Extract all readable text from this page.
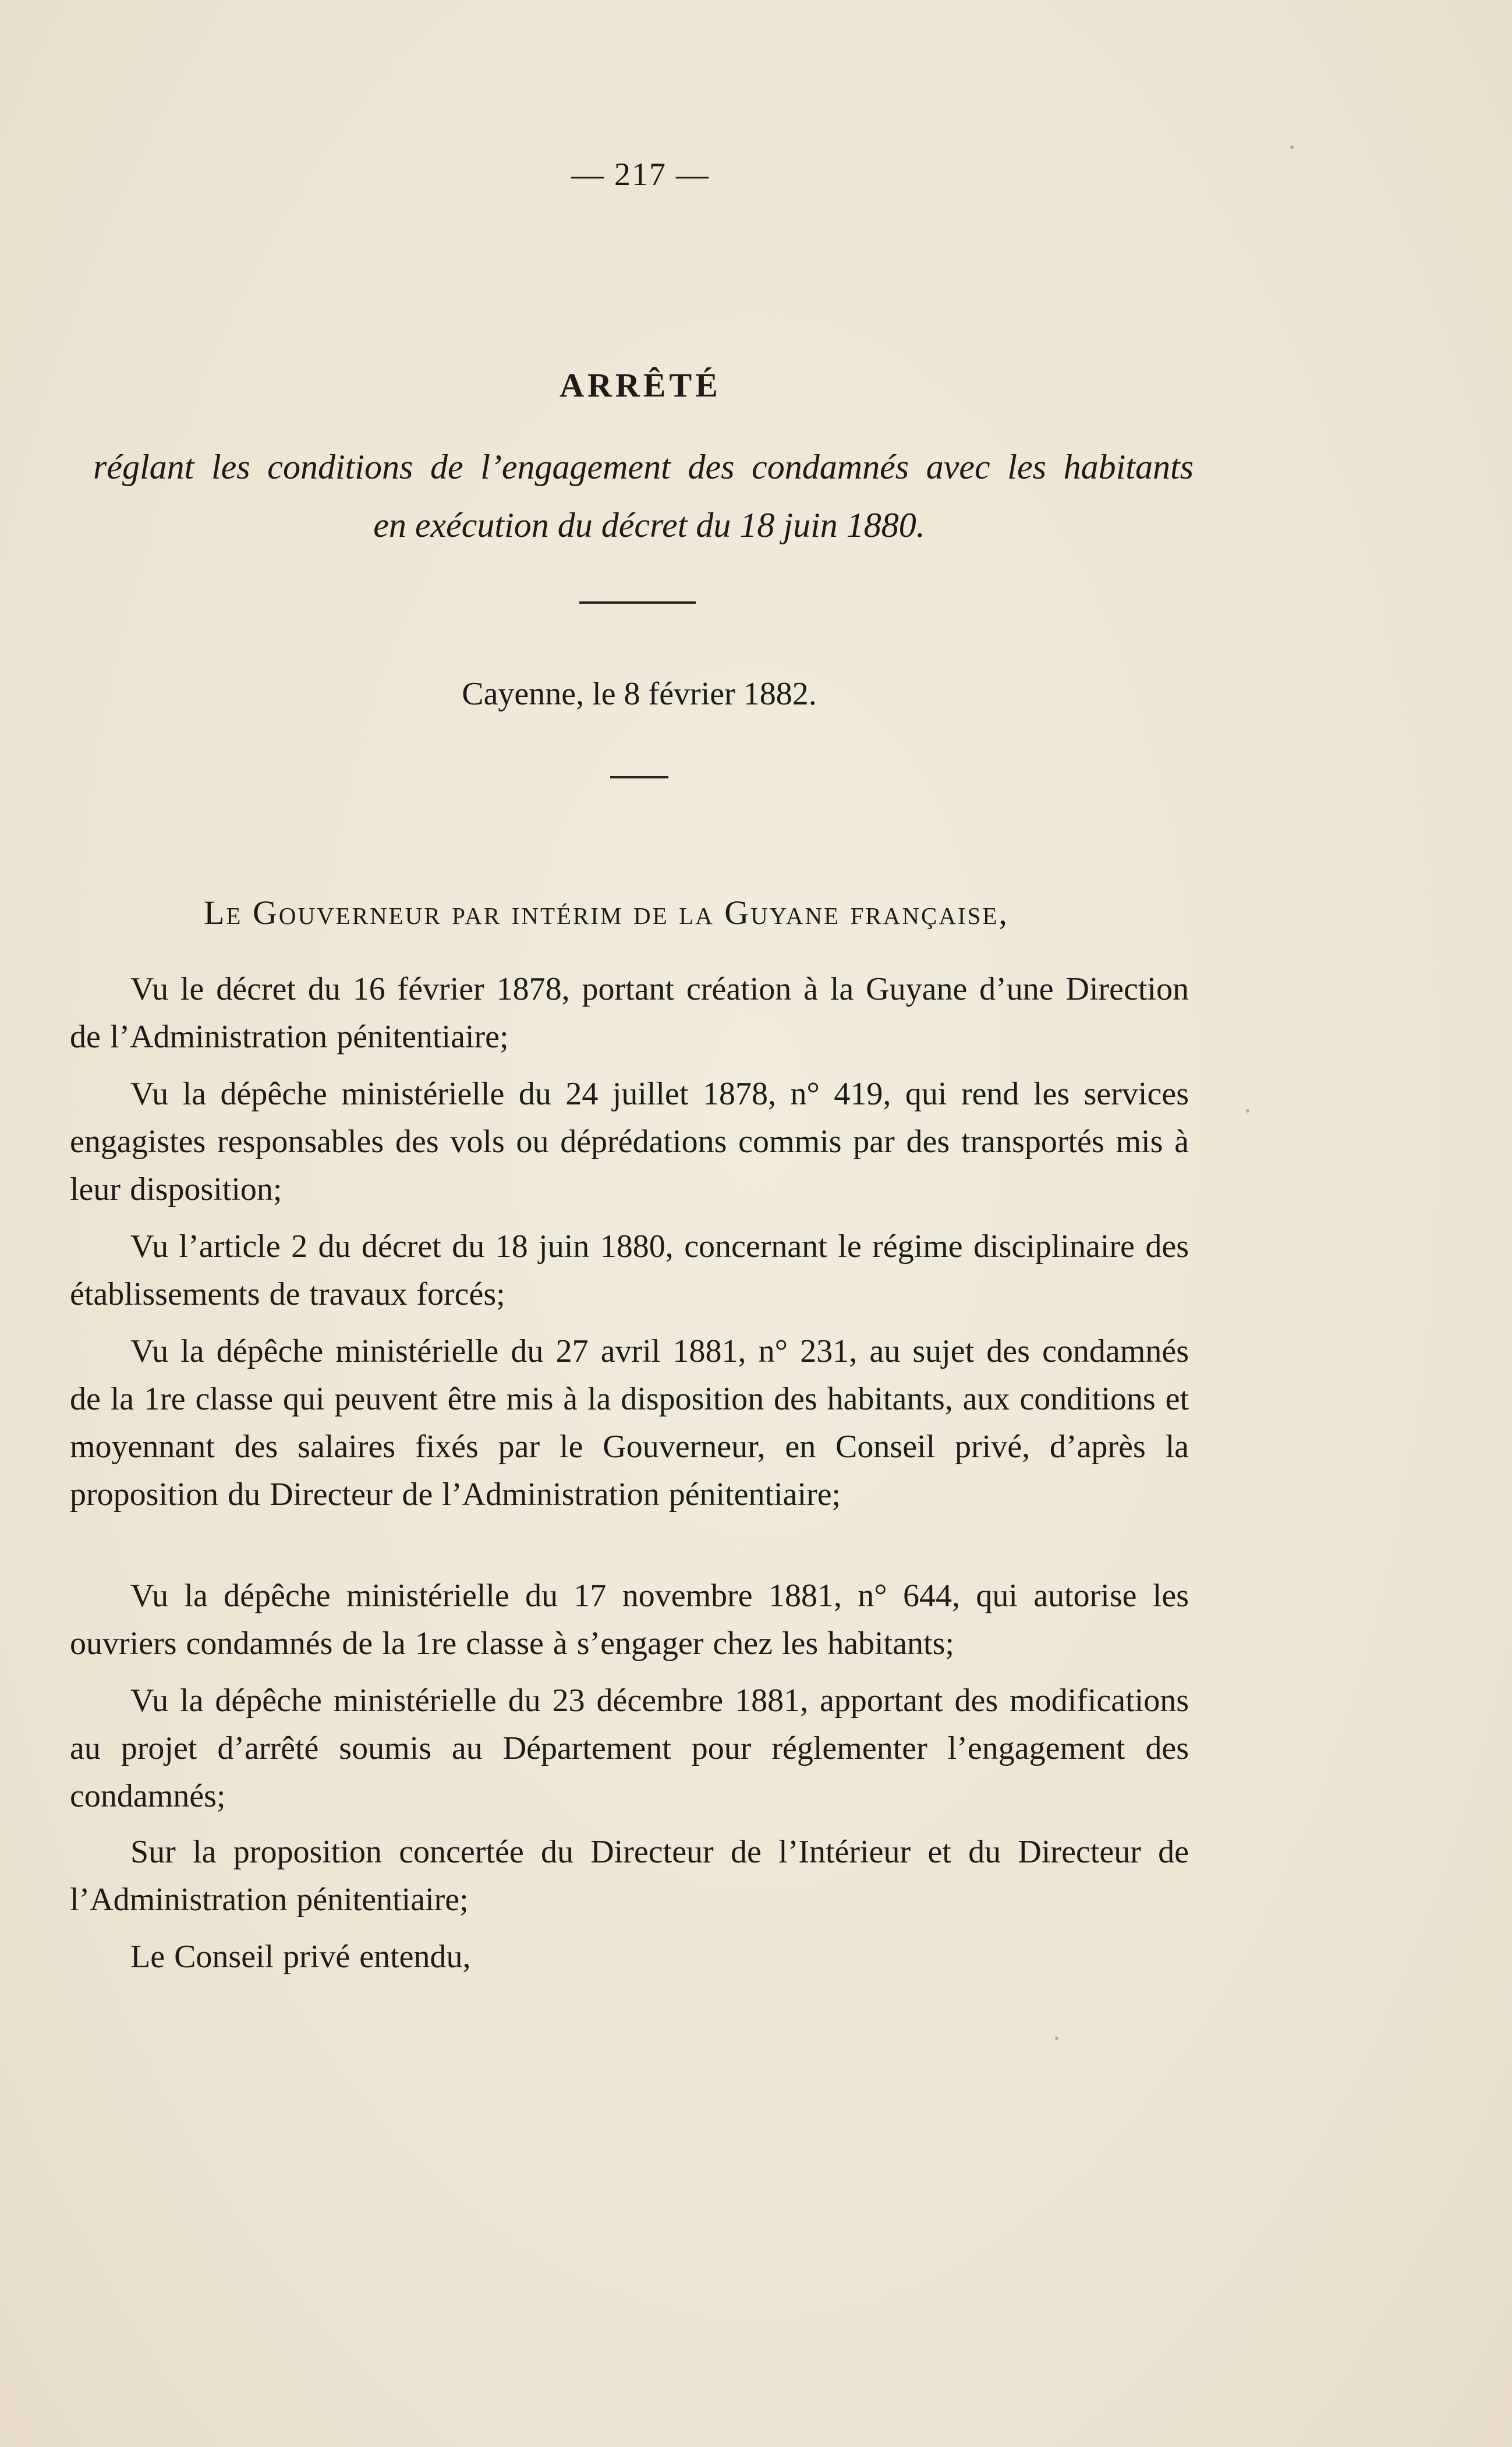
— 217 —
ARRÊTÉ
réglant les conditions de l’engagement des condamnés avec les habitants
en exécution du décret du 18 juin 1880.
Cayenne, le 8 février 1882.
Le Gouverneur par intérim de la Guyane française,
Vu le décret du 16 février 1878, portant création à la Guyane d’une Direction de l’Administration pénitentiaire;
Vu la dépêche ministérielle du 24 juillet 1878, n° 419, qui rend les services engagistes responsables des vols ou déprédations commis par des transportés mis à leur disposition;
Vu l’article 2 du décret du 18 juin 1880, concernant le régime disciplinaire des établissements de travaux forcés;
Vu la dépêche ministérielle du 27 avril 1881, n° 231, au sujet des condamnés de la 1re classe qui peuvent être mis à la disposition des habitants, aux conditions et moyennant des salaires fixés par le Gouverneur, en Conseil privé, d’après la proposition du Directeur de l’Administration pénitentiaire;
Vu la dépêche ministérielle du 17 novembre 1881, n° 644, qui autorise les ouvriers condamnés de la 1re classe à s’engager chez les habitants;
Vu la dépêche ministérielle du 23 décembre 1881, apportant des modifications au projet d’arrêté soumis au Département pour réglementer l’engagement des condamnés;
Sur la proposition concertée du Directeur de l’Intérieur et du Directeur de l’Administration pénitentiaire;
Le Conseil privé entendu,
